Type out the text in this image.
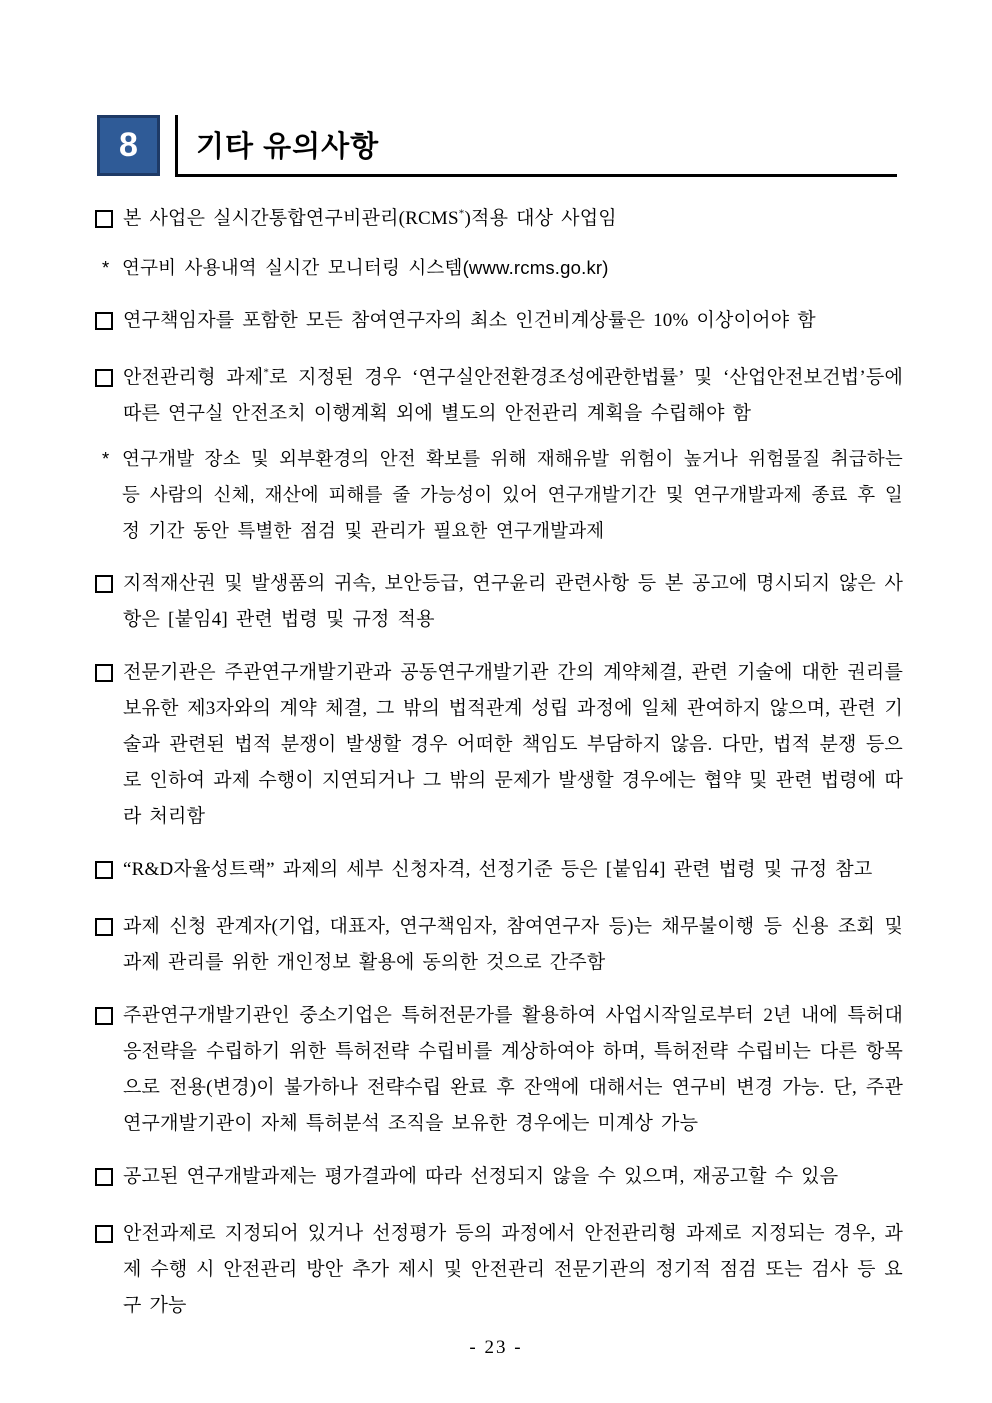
8	기타 유의사항
본 사업은 실시간통합연구비관리(RCMS*)적용 대상 사업임
* 연구비 사용내역 실시간 모니터링 시스템(www.rcms.go.kr)
연구책임자를 포함한 모든 참여연구자의 최소 인건비계상률은 10% 이상이어야 함
안전관리형 과제*로 지정된 경우 ‘연구실안전환경조성에관한법률’ 및 ‘산업안전보건법’등에 따른 연구실 안전조치 이행계획 외에 별도의 안전관리 계획을 수립해야 함
* 연구개발 장소 및 외부환경의 안전 확보를 위해 재해유발 위험이 높거나 위험물질 취급하는 등 사람의 신체, 재산에 피해를 줄 가능성이 있어 연구개발기간 및 연구개발과제 종료 후 일정 기간 동안 특별한 점검 및 관리가 필요한 연구개발과제
지적재산권 및 발생품의 귀속, 보안등급, 연구윤리 관련사항 등 본 공고에 명시되지 않은 사항은 [붙임4] 관련 법령 및 규정 적용
전문기관은 주관연구개발기관과 공동연구개발기관 간의 계약체결, 관련 기술에 대한 권리를 보유한 제3자와의 계약 체결, 그 밖의 법적관계 성립 과정에 일체 관여하지 않으며, 관련 기술과 관련된 법적 분쟁이 발생할 경우 어떠한 책임도 부담하지 않음. 다만, 법적 분쟁 등으로 인하여 과제 수행이 지연되거나 그 밖의 문제가 발생할 경우에는 협약 및 관련 법령에 따라 처리함
“R&D자율성트랙” 과제의 세부 신청자격, 선정기준 등은 [붙임4] 관련 법령 및 규정 참고
과제 신청 관계자(기업, 대표자, 연구책임자, 참여연구자 등)는 채무불이행 등 신용 조회 및 과제 관리를 위한 개인정보 활용에 동의한 것으로 간주함
주관연구개발기관인 중소기업은 특허전문가를 활용하여 사업시작일로부터 2년 내에 특허대응전략을 수립하기 위한 특허전략 수립비를 계상하여야 하며, 특허전략 수립비는 다른 항목으로 전용(변경)이 불가하나 전략수립 완료 후 잔액에 대해서는 연구비 변경 가능. 단, 주관연구개발기관이 자체 특허분석 조직을 보유한 경우에는 미계상 가능
공고된 연구개발과제는 평가결과에 따라 선정되지 않을 수 있으며, 재공고할 수 있음
안전과제로 지정되어 있거나 선정평가 등의 과정에서 안전관리형 과제로 지정되는 경우, 과제 수행 시 안전관리 방안 추가 제시 및 안전관리 전문기관의 정기적 점검 또는 검사 등 요구 가능
- 23 -
